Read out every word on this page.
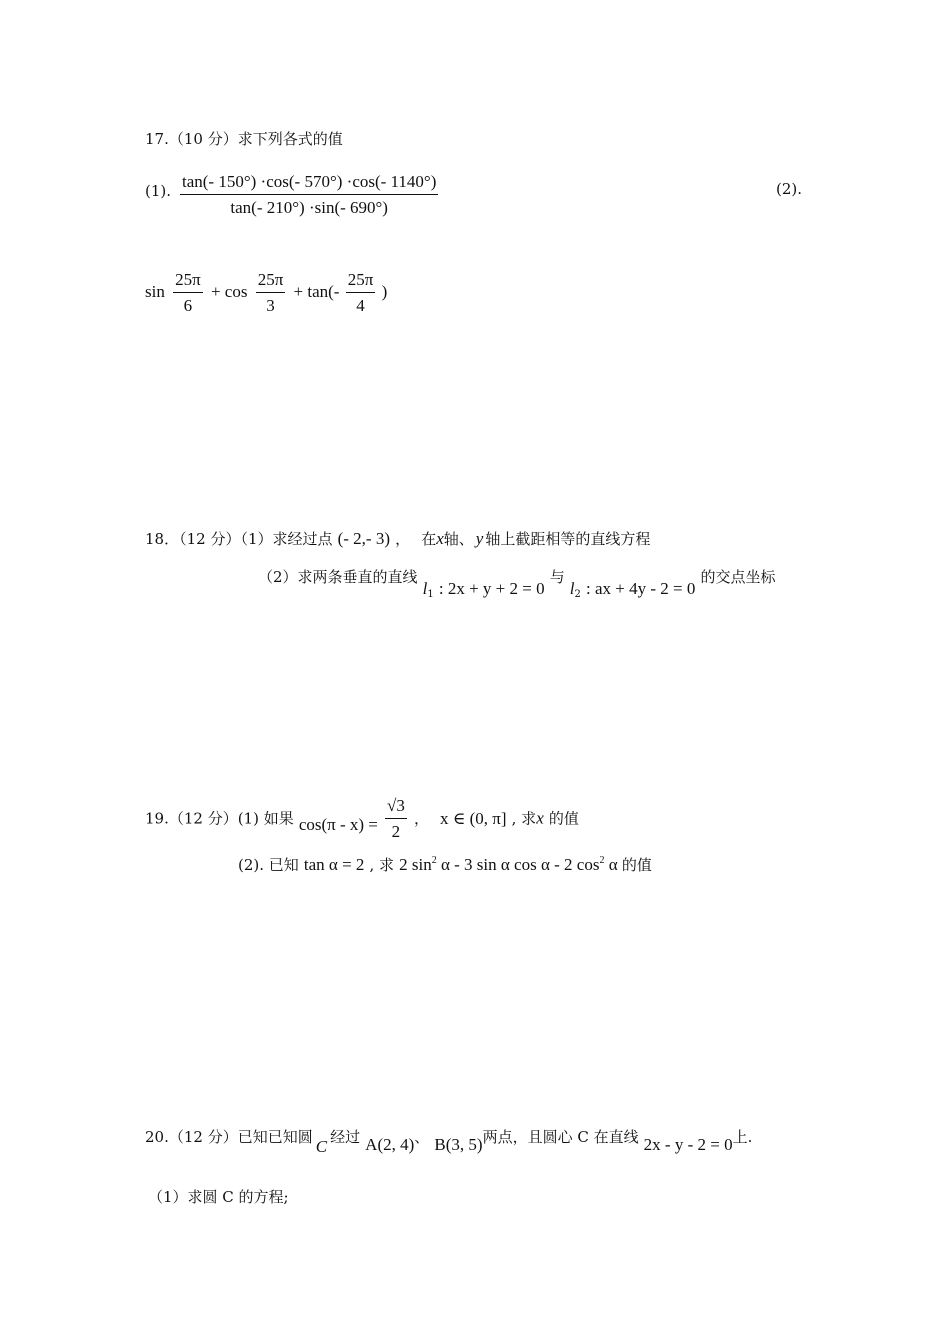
17.（10 分）求下列各式的值
(1). $\frac{\tan(- 150^\circ) \cdot\cos(- 570^\circ) \cdot\cos(- 1140^\circ)}{\tan(- 210^\circ) \cdot\sin(- 690^\circ)}$	(2).
$\sin \frac{25\pi}{6} + \cos \frac{25\pi}{3} + \tan(- \frac{25\pi}{4}$ )
18．（12 分）（1）求经过点 (- 2,- 3) ， 在x轴、 y 轴上截距相等的直线方程
（2）求两条垂直的直线 $l_1$ : 2x + y + 2 = 0 与 $l_2$ : ax + 4y - 2 = 0 的交点坐标
19.（12 分）(1) 如果 $\cos(\pi - x) = \frac{√3}{2}$ ， x ∈ (0, π] , 求x 的值
(2). 已知 tan α = 2 , 求 2 $\sin^2 \alpha - 3$ sin α cos α - 2 $\cos^2 \alpha$ 的值
20.（12 分）已知已知圆 C 经过 A(2, 4)、 B(3, 5)两点，且圆心 C 在直线 2x - y - 2 = 0上.
（1）求圆 C 的方程;
